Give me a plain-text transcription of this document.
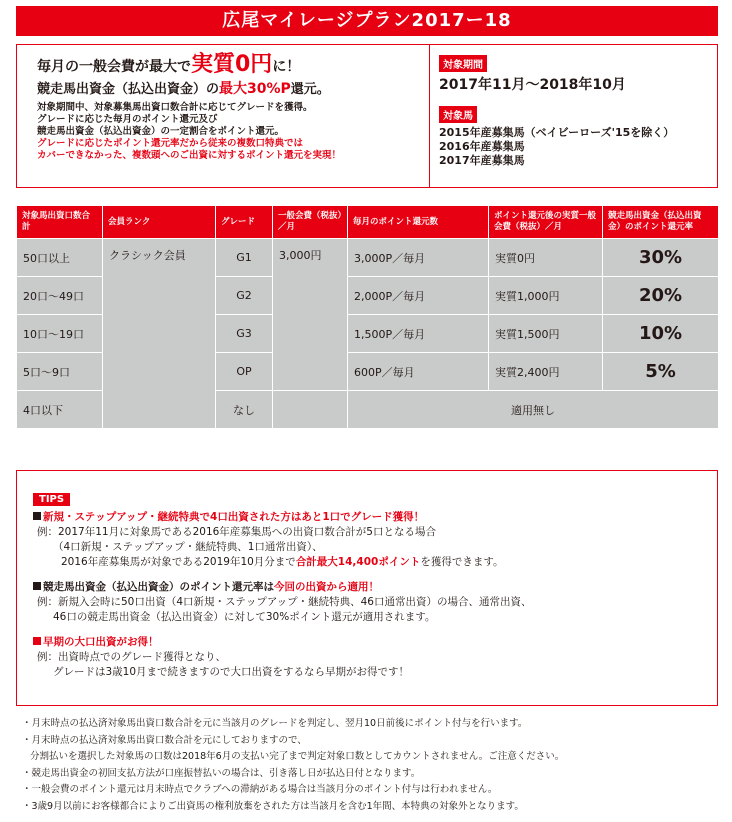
広尾マイレージプラン2017ー18
毎月の一般会費が最大で実質0円に！
競走馬出資金（払込出資金）の最大30%P還元。
対象期間中、対象募集馬出資口数合計に応じてグレードを獲得。
グレードに応じた毎月のポイント還元及び
競走馬出資金（払込出資金）の一定割合をポイント還元。
グレードに応じたポイント還元率だから従来の複数口特典では
カバーできなかった、複数頭へのご出資に対するポイント還元を実現！
対象期間
2017年11月～2018年10月
対象馬
2015年産募集馬（ベイビーローズ'15を除く）
2016年産募集馬
2017年産募集馬
対象馬出資口数合計	会員ランク	グレード	一般会費（税抜）／月	毎月のポイント還元数	ポイント還元後の実質一般会費（税抜）／月	競走馬出資金（払込出資金）のポイント還元率
50口以上	クラシック会員	G1	3,000円	3,000P／毎月	実質0円	30%
20口～49口		G2		2,000P／毎月	実質1,000円	20%
10口～19口		G3		1,500P／毎月	実質1,500円	10%
5口～9口		OP		600P／毎月	実質2,400円	5%
4口以下		なし		適用無し		
TIPS
新規・ステップアップ・継続特典で4口出資された方はあと1口でグレード獲得！
例：2017年11月に対象馬である2016年産募集馬への出資口数合計が5口となる場合
（4口新規・ステップアップ・継続特典、1口通常出資）、
2016年産募集馬が対象である2019年10月分まで合計最大14,400ポイントを獲得できます。
競走馬出資金（払込出資金）のポイント還元率は今回の出資から適用！
例：新規入会時に50口出資（4口新規・ステップアップ・継続特典、46口通常出資）の場合、通常出資、
46口の競走馬出資金（払込出資金）に対して30%ポイント還元が適用されます。
早期の大口出資がお得！
例：出資時点でのグレード獲得となり、
グレードは3歳10月まで続きますので大口出資をするなら早期がお得です！
・月末時点の払込済対象馬出資口数合計を元に当該月のグレードを判定し、翌月10日前後にポイント付与を行います。
・月末時点の払込済対象馬出資口数合計を元にしておりますので、
分割払いを選択した対象馬の口数は2018年6月の支払い完了まで判定対象口数としてカウントされません。ご注意ください。
・競走馬出資金の初回支払方法が口座振替払いの場合は、引き落し日が払込日付となります。
・一般会費のポイント還元は月末時点でクラブへの滞納がある場合は当該月分のポイント付与は行われません。
・3歳9月以前にお客様都合によりご出資馬の権利放棄をされた方は当該月を含む1年間、本特典の対象外となります。
